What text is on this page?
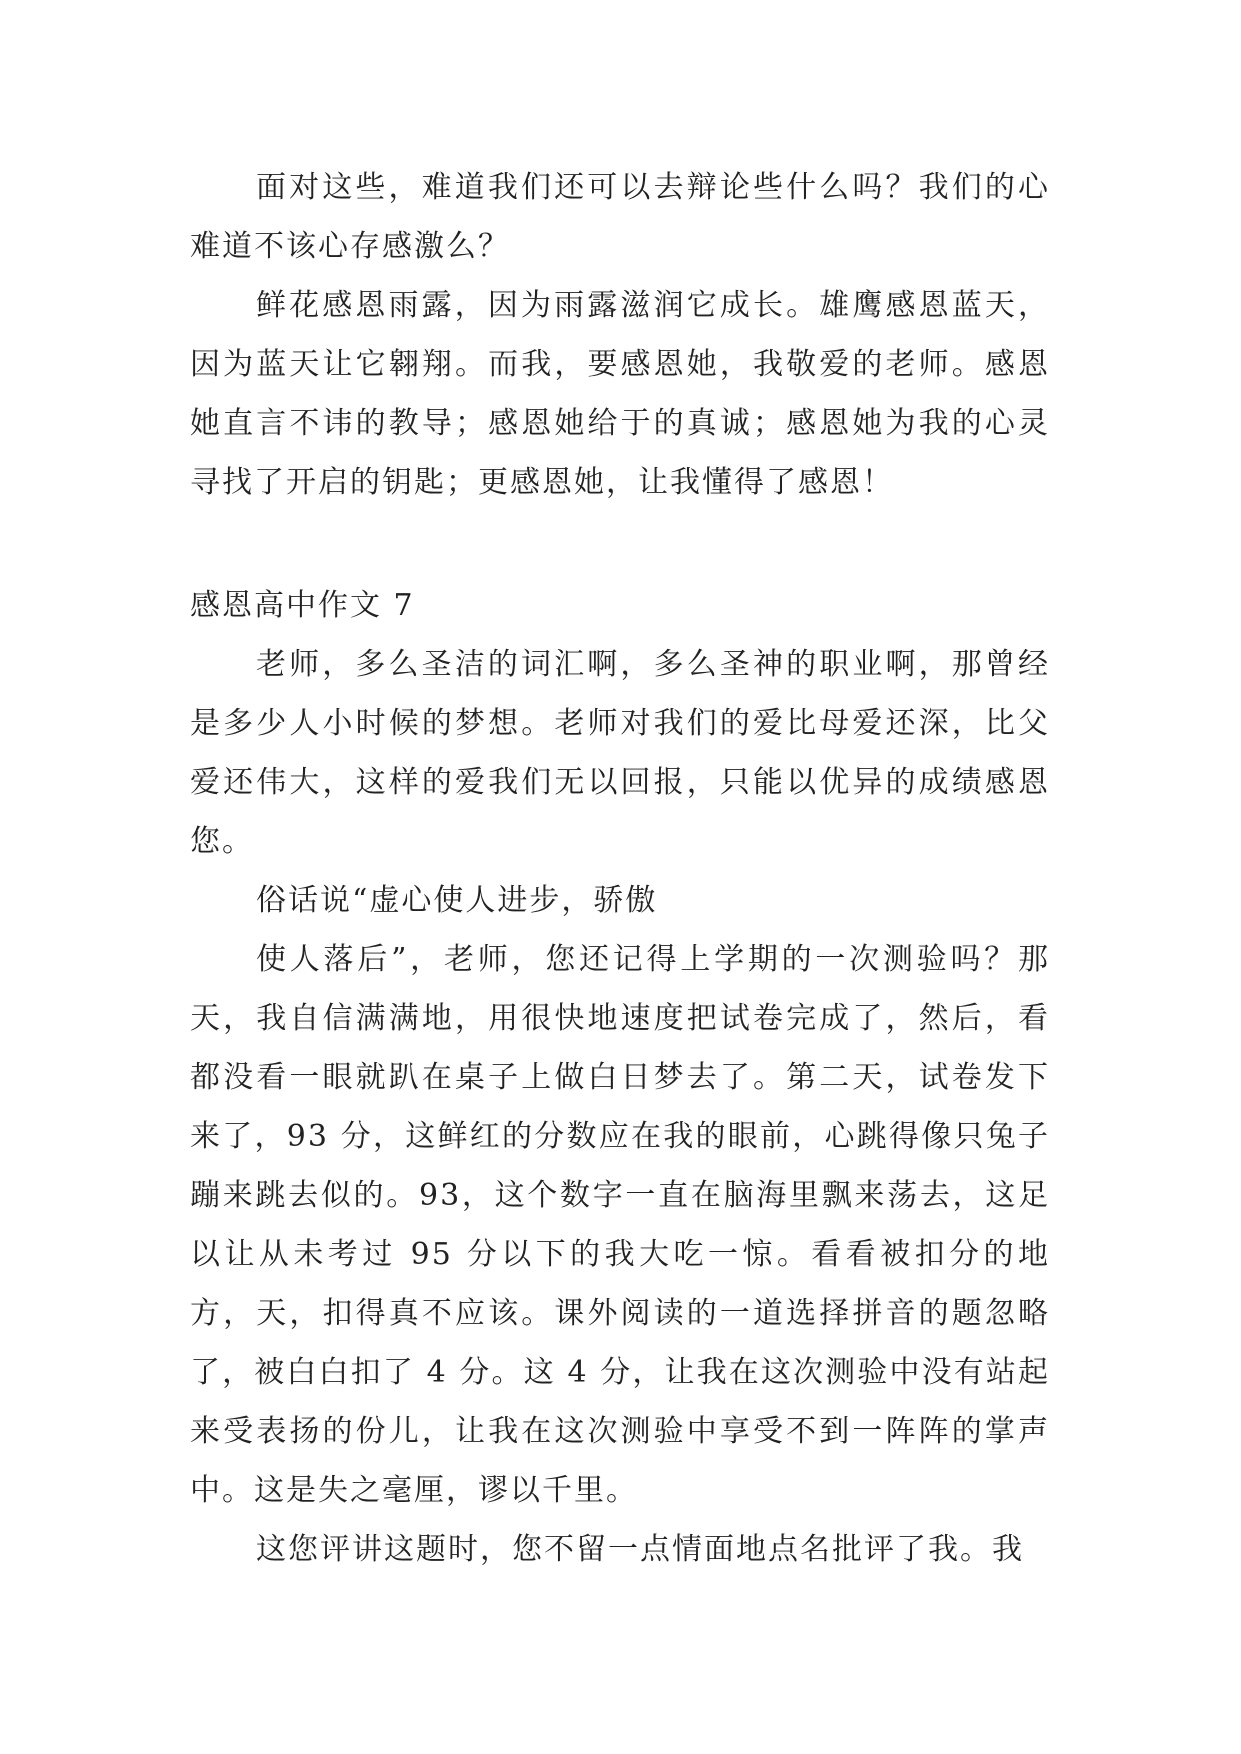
面对这些，难道我们还可以去辩论些什么吗？我们的心难道不该心存感激么？

鲜花感恩雨露，因为雨露滋润它成长。雄鹰感恩蓝天，因为蓝天让它翱翔。而我，要感恩她，我敬爱的老师。感恩她直言不讳的教导；感恩她给于的真诚；感恩她为我的心灵寻找了开启的钥匙；更感恩她，让我懂得了感恩！

感恩高中作文 7

老师，多么圣洁的词汇啊，多么圣神的职业啊，那曾经是多少人小时候的梦想。老师对我们的爱比母爱还深，比父爱还伟大，这样的爱我们无以回报，只能以优异的成绩感恩您。

俗话说“虚心使人进步，骄傲

使人落后”，老师，您还记得上学期的一次测验吗？那天，我自信满满地，用很快地速度把试卷完成了，然后，看都没看一眼就趴在桌子上做白日梦去了。第二天，试卷发下来了，93 分，这鲜红的分数应在我的眼前，心跳得像只兔子蹦来跳去似的。93，这个数字一直在脑海里飘来荡去，这足以让从未考过 95 分以下的我大吃一惊。看看被扣分的地方，天，扣得真不应该。课外阅读的一道选择拼音的题忽略了，被白白扣了 4 分。这 4 分，让我在这次测验中没有站起来受表扬的份儿，让我在这次测验中享受不到一阵阵的掌声中。这是失之毫厘，谬以千里。

这您评讲这题时，您不留一点情面地点名批评了我。我
